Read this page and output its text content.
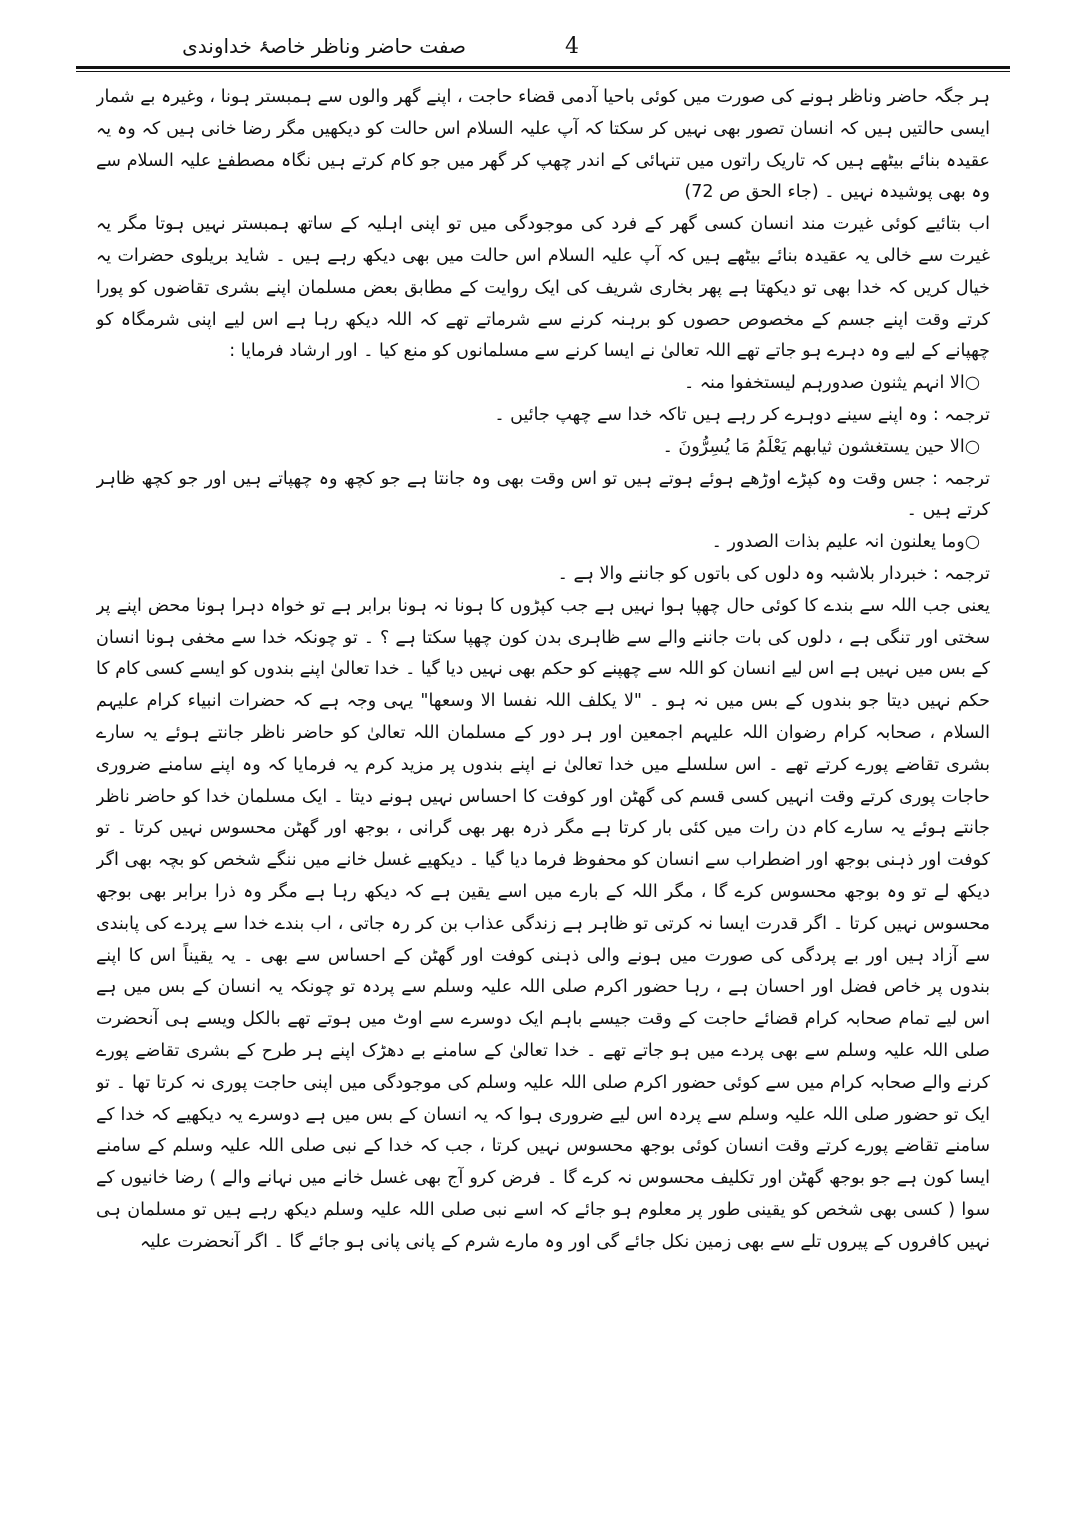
4
صفت حاضر وناظر خاصۂ خداوندی

ہر جگہ حاضر وناظر ہونے کی صورت میں کوئی باحیا آدمی قضاء حاجت ، اپنے گھر والوں سے ہمبستر ہونا ، وغیرہ بے شمار ایسی حالتیں ہیں کہ انسان تصور بھی نہیں کر سکتا کہ آپ علیہ السلام اس حالت کو دیکھیں مگر رضا خانی ہیں کہ وہ یہ عقیدہ بنائے بیٹھے ہیں کہ تاریک راتوں میں تنہائی کے اندر چھپ کر گھر میں جو کام کرتے ہیں نگاہ مصطفےٰ علیہ السلام سے وہ بھی پوشیدہ نہیں ۔ (جاء الحق ص 72)

اب بتائیے کوئی غیرت مند انسان کسی گھر کے فرد کی موجودگی میں تو اپنی اہلیہ کے ساتھ ہمبستر نہیں ہوتا مگر یہ غیرت سے خالی یہ عقیدہ بنائے بیٹھے ہیں کہ آپ علیہ السلام اس حالت میں بھی دیکھ رہے ہیں ۔ شاید بریلوی حضرات یہ خیال کریں کہ خدا بھی تو دیکھتا ہے پھر بخاری شریف کی ایک روایت کے مطابق بعض مسلمان اپنے بشری تقاضوں کو پورا کرتے وقت اپنے جسم کے مخصوص حصوں کو برہنہ کرنے سے شرماتے تھے کہ اللہ دیکھ رہا ہے اس لیے اپنی شرمگاہ کو چھپانے کے لیے وہ دہرے ہو جاتے تھے اللہ تعالیٰ نے ایسا کرنے سے مسلمانوں کو منع کیا ۔ اور ارشاد فرمایا :

○الا انہم یثنون صدورہم لیستخفوا منہ ۔

ترجمہ : وہ اپنے سینے دوہرے کر رہے ہیں تاکہ خدا سے چھپ جائیں ۔

○الا حین یستغشون ثیابھم یَعْلَمُ مَا یُسِرُّونَ ۔

ترجمہ : جس وقت وہ کپڑے اوڑھے ہوئے ہوتے ہیں تو اس وقت بھی وہ جانتا ہے جو کچھ وہ چھپاتے ہیں اور جو کچھ ظاہر کرتے ہیں ۔

○وما یعلنون انہ علیم بذات الصدور ۔

ترجمہ : خبردار بلاشبہ وہ دلوں کی باتوں کو جاننے والا ہے ۔

یعنی جب اللہ سے بندے کا کوئی حال چھپا ہوا نہیں ہے جب کپڑوں کا ہونا نہ ہونا برابر ہے تو خواہ دہرا ہونا محض اپنے پر سختی اور تنگی ہے ، دلوں کی بات جاننے والے سے ظاہری بدن کون چھپا سکتا ہے ؟ ۔ تو چونکہ خدا سے مخفی ہونا انسان کے بس میں نہیں ہے اس لیے انسان کو اللہ سے چھپنے کو حکم بھی نہیں دیا گیا ۔ خدا تعالیٰ اپنے بندوں کو ایسے کسی کام کا حکم نہیں دیتا جو بندوں کے بس میں نہ ہو ۔ "لا یکلف اللہ نفسا الا وسعھا" یہی وجہ ہے کہ حضرات انبیاء کرام علیہم السلام ، صحابہ کرام رضوان اللہ علیہم اجمعین اور ہر دور کے مسلمان اللہ تعالیٰ کو حاضر ناظر جانتے ہوئے یہ سارے بشری تقاضے پورے کرتے تھے ۔ اس سلسلے میں خدا تعالیٰ نے اپنے بندوں پر مزید کرم یہ فرمایا کہ وہ اپنے سامنے ضروری حاجات پوری کرتے وقت انہیں کسی قسم کی گھٹن اور کوفت کا احساس نہیں ہونے دیتا ۔ ایک مسلمان خدا کو حاضر ناظر جانتے ہوئے یہ سارے کام دن رات میں کئی بار کرتا ہے مگر ذرہ بھر بھی گرانی ، بوجھ اور گھٹن محسوس نہیں کرتا ۔ تو کوفت اور ذہنی بوجھ اور اضطراب سے انسان کو محفوظ فرما دیا گیا ۔ دیکھیے غسل خانے میں ننگے شخص کو بچہ بھی اگر دیکھ لے تو وہ بوجھ محسوس کرے گا ، مگر اللہ کے بارے میں اسے یقین ہے کہ دیکھ رہا ہے مگر وہ ذرا برابر بھی بوجھ محسوس نہیں کرتا ۔ اگر قدرت ایسا نہ کرتی تو ظاہر ہے زندگی عذاب بن کر رہ جاتی ، اب بندے خدا سے پردے کی پابندی سے آزاد ہیں اور بے پردگی کی صورت میں ہونے والی ذہنی کوفت اور گھٹن کے احساس سے بھی ۔ یہ یقیناً اس کا اپنے بندوں پر خاص فضل اور احسان ہے ، رہا حضور اکرم صلی اللہ علیہ وسلم سے پردہ تو چونکہ یہ انسان کے بس میں ہے اس لیے تمام صحابہ کرام قضائے حاجت کے وقت جیسے باہم ایک دوسرے سے اوٹ میں ہوتے تھے بالکل ویسے ہی آنحضرت صلی اللہ علیہ وسلم سے بھی پردے میں ہو جاتے تھے ۔ خدا تعالیٰ کے سامنے بے دھڑک اپنے ہر طرح کے بشری تقاضے پورے کرنے والے صحابہ کرام میں سے کوئی حضور اکرم صلی اللہ علیہ وسلم کی موجودگی میں اپنی حاجت پوری نہ کرتا تھا ۔ تو ایک تو حضور صلی اللہ علیہ وسلم سے پردہ اس لیے ضروری ہوا کہ یہ انسان کے بس میں ہے دوسرے یہ دیکھیے کہ خدا کے سامنے تقاضے پورے کرتے وقت انسان کوئی بوجھ محسوس نہیں کرتا ، جب کہ خدا کے نبی صلی اللہ علیہ وسلم کے سامنے ایسا کون ہے جو بوجھ گھٹن اور تکلیف محسوس نہ کرے گا ۔ فرض کرو آج بھی غسل خانے میں نہانے والے ) رضا خانیوں کے سوا ( کسی بھی شخص کو یقینی طور پر معلوم ہو جائے کہ اسے نبی صلی اللہ علیہ وسلم دیکھ رہے ہیں تو مسلمان ہی نہیں کافروں کے پیروں تلے سے بھی زمین نکل جائے گی اور وہ مارے شرم کے پانی پانی ہو جائے گا ۔ اگر آنحضرت علیہ
